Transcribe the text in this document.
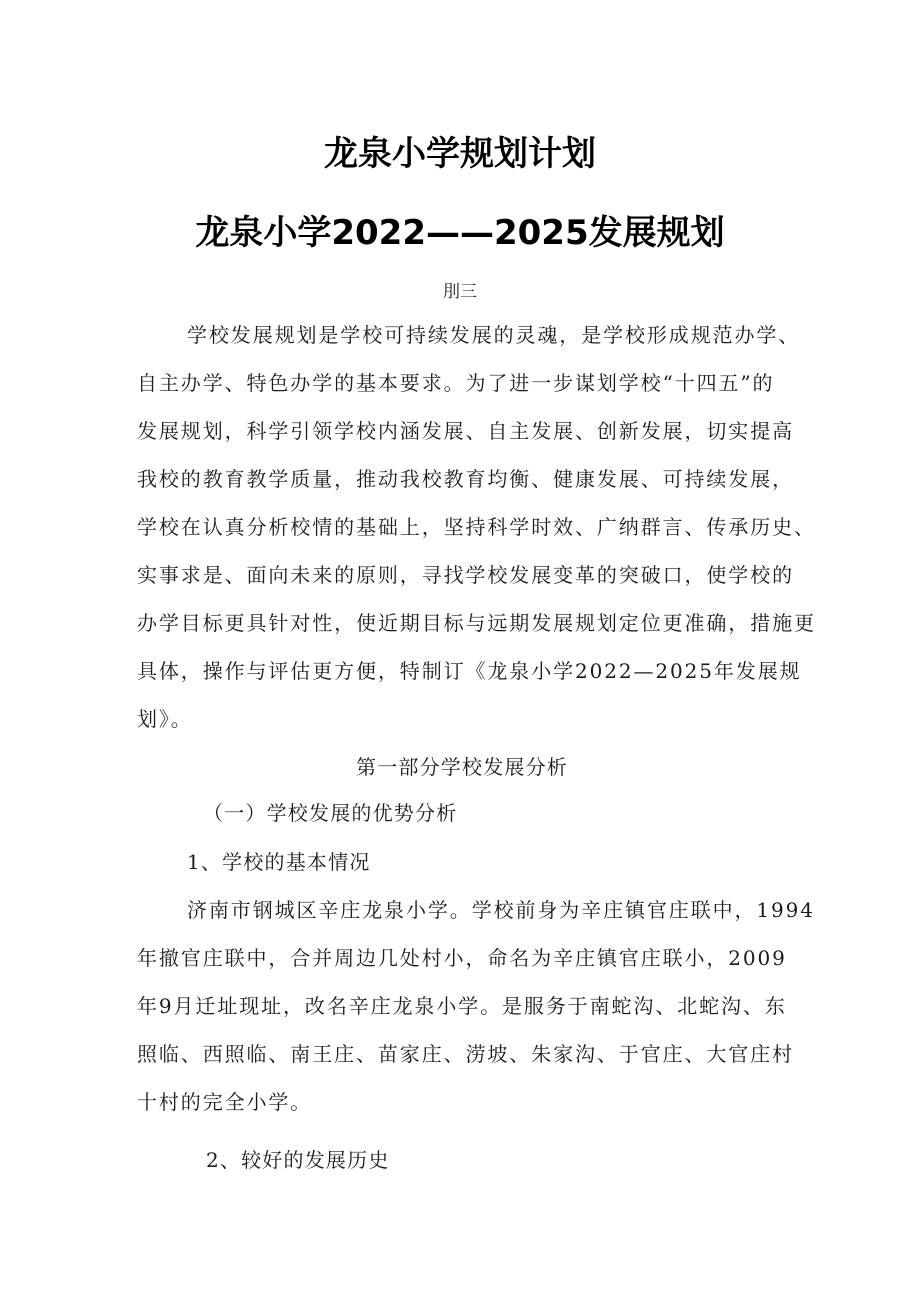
龙泉小学规划计划
龙泉小学2022——2025发展规划
刖三
学校发展规划是学校可持续发展的灵魂，是学校形成规范办学、
自主办学、特色办学的基本要求。为了进一步谋划学校“十四五”的
发展规划，科学引领学校内涵发展、自主发展、创新发展，切实提高
我校的教育教学质量，推动我校教育均衡、健康发展、可持续发展，
学校在认真分析校情的基础上，坚持科学时效、广纳群言、传承历史、
实事求是、面向未来的原则，寻找学校发展变革的突破口，使学校的
办学目标更具针对性，使近期目标与远期发展规划定位更准确，措施更
具体，操作与评估更方便，特制订《龙泉小学2022—2025年发展规
划》。
第一部分学校发展分析
（一）学校发展的优势分析
1、学校的基本情况
济南市钢城区辛庄龙泉小学。学校前身为辛庄镇官庄联中，1994
年撤官庄联中，合并周边几处村小，命名为辛庄镇官庄联小，2009
年9月迁址现址，改名辛庄龙泉小学。是服务于南蛇沟、北蛇沟、东
照临、西照临、南王庄、苗家庄、涝坡、朱家沟、于官庄、大官庄村
十村的完全小学。
2、较好的发展历史
